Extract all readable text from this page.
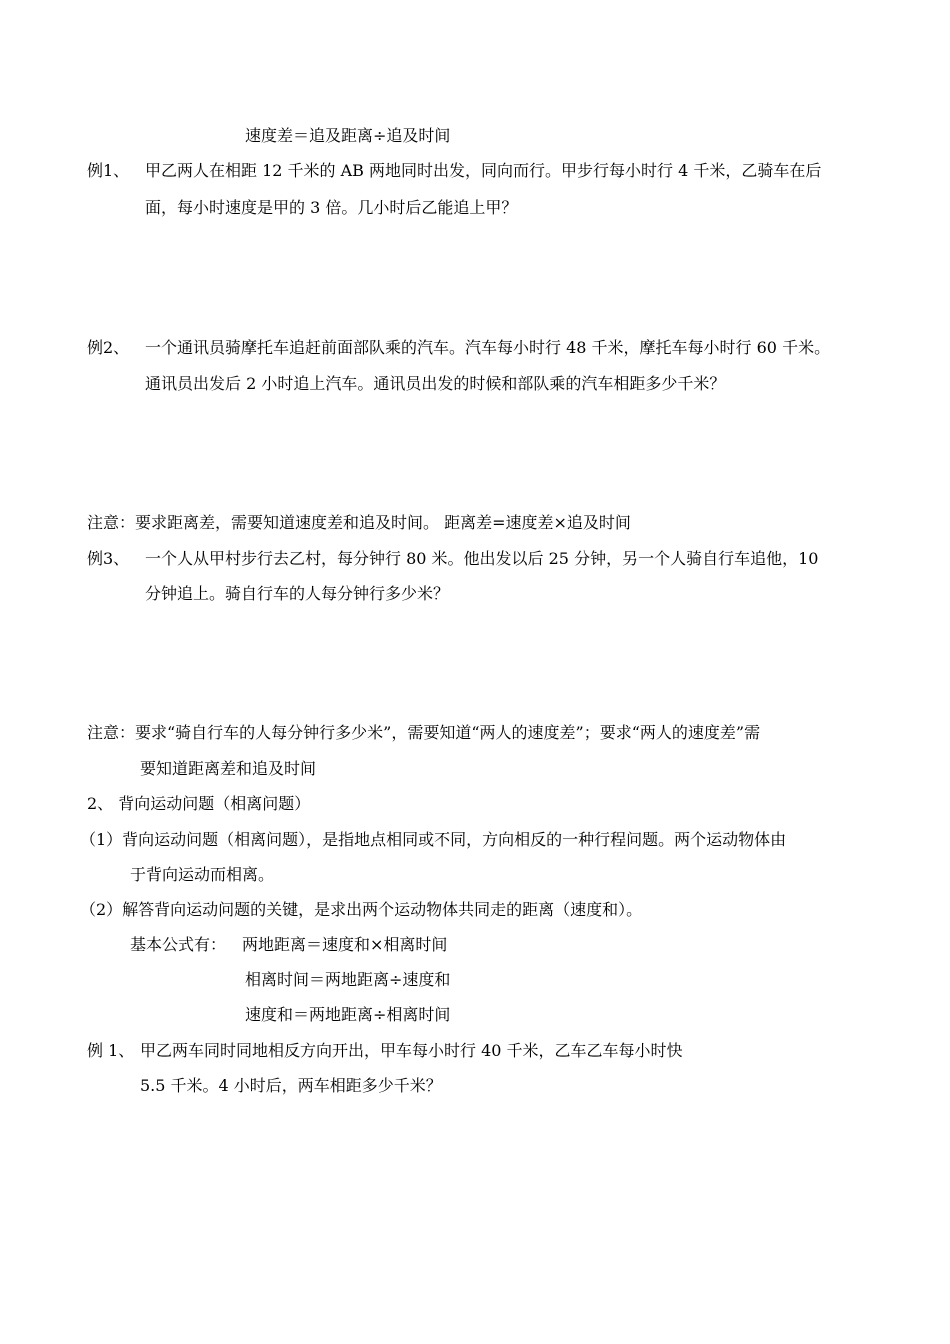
速度差＝追及距离÷追及时间
例1、 甲乙两人在相距 12 千米的 AB 两地同时出发，同向而行。甲步行每小时行 4 千米，乙骑车在后
面，每小时速度是甲的 3 倍。几小时后乙能追上甲？
例2、 一个通讯员骑摩托车追赶前面部队乘的汽车。汽车每小时行 48 千米，摩托车每小时行 60 千米。
通讯员出发后 2 小时追上汽车。通讯员出发的时候和部队乘的汽车相距多少千米？
注意：要求距离差，需要知道速度差和追及时间。 距离差=速度差×追及时间
例3、 一个人从甲村步行去乙村，每分钟行 80 米。他出发以后 25 分钟，另一个人骑自行车追他，10
分钟追上。骑自行车的人每分钟行多少米？
注意：要求“骑自行车的人每分钟行多少米”，需要知道“两人的速度差”；要求“两人的速度差”需
要知道距离差和追及时间
2、 背向运动问题（相离问题）
（1）背向运动问题（相离问题），是指地点相同或不同，方向相反的一种行程问题。两个运动物体由
于背向运动而相离。
（2）解答背向运动问题的关键，是求出两个运动物体共同走的距离（速度和）。
基本公式有： 两地距离＝速度和×相离时间
相离时间＝两地距离÷速度和
速度和＝两地距离÷相离时间
例 1、 甲乙两车同时同地相反方向开出，甲车每小时行 40 千米，乙车乙车每小时快
5.5 千米。4 小时后，两车相距多少千米？
